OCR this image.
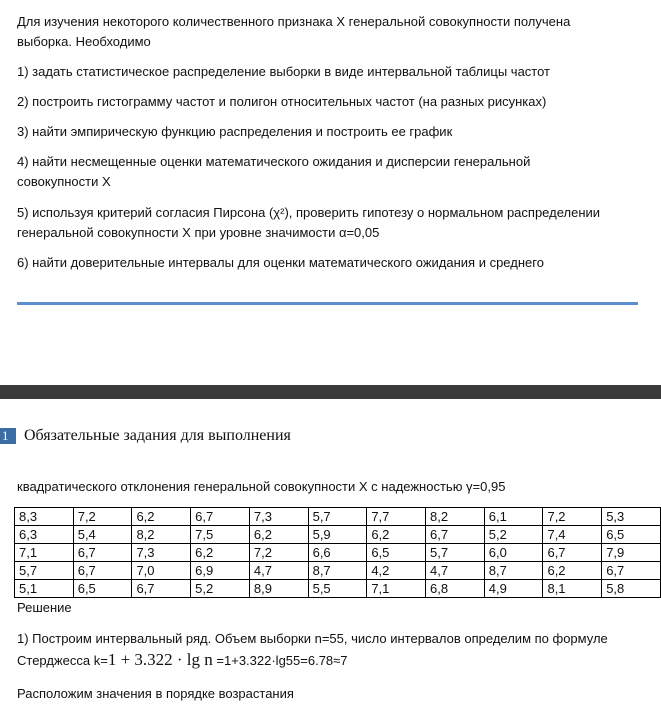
Для изучения некоторого количественного признака X генеральной совокупности получена
выборка. Необходимо
1) задать статистическое распределение выборки в виде интервальной таблицы частот
2) построить гистограмму частот и полигон относительных частот (на разных рисунках)
3) найти эмпирическую функцию распределения и построить ее график
4) найти несмещенные оценки математического ожидания и дисперсии генеральной
совокупности X
5) используя критерий согласия Пирсона (χ²), проверить гипотезу о нормальном распределении
генеральной совокупности X при уровне значимости α=0,05
6) найти доверительные интервалы для оценки математического ожидания и среднего
1 Обязательные задания для выполнения
квадратического отклонения генеральной совокупности X с надежностью γ=0,95
8,3	7,2	6,2	6,7	7,3	5,7	7,7	8,2	6,1	7,2	5,3
6,3	5,4	8,2	7,5	6,2	5,9	6,2	6,7	5,2	7,4	6,5
7,1	6,7	7,3	6,2	7,2	6,6	6,5	5,7	6,0	6,7	7,9
5,7	6,7	7,0	6,9	4,7	8,7	4,2	4,7	8,7	6,2	6,7
5,1	6,5	6,7	5,2	8,9	5,5	7,1	6,8	4,9	8,1	5,8
Решение
1) Построим интервальный ряд. Объем выборки n=55, число интервалов определим по формуле
Стерджесса k=1 + 3.322 · lg n =1+3.322·lg55=6.78≈7
Расположим значения в порядке возрастания
